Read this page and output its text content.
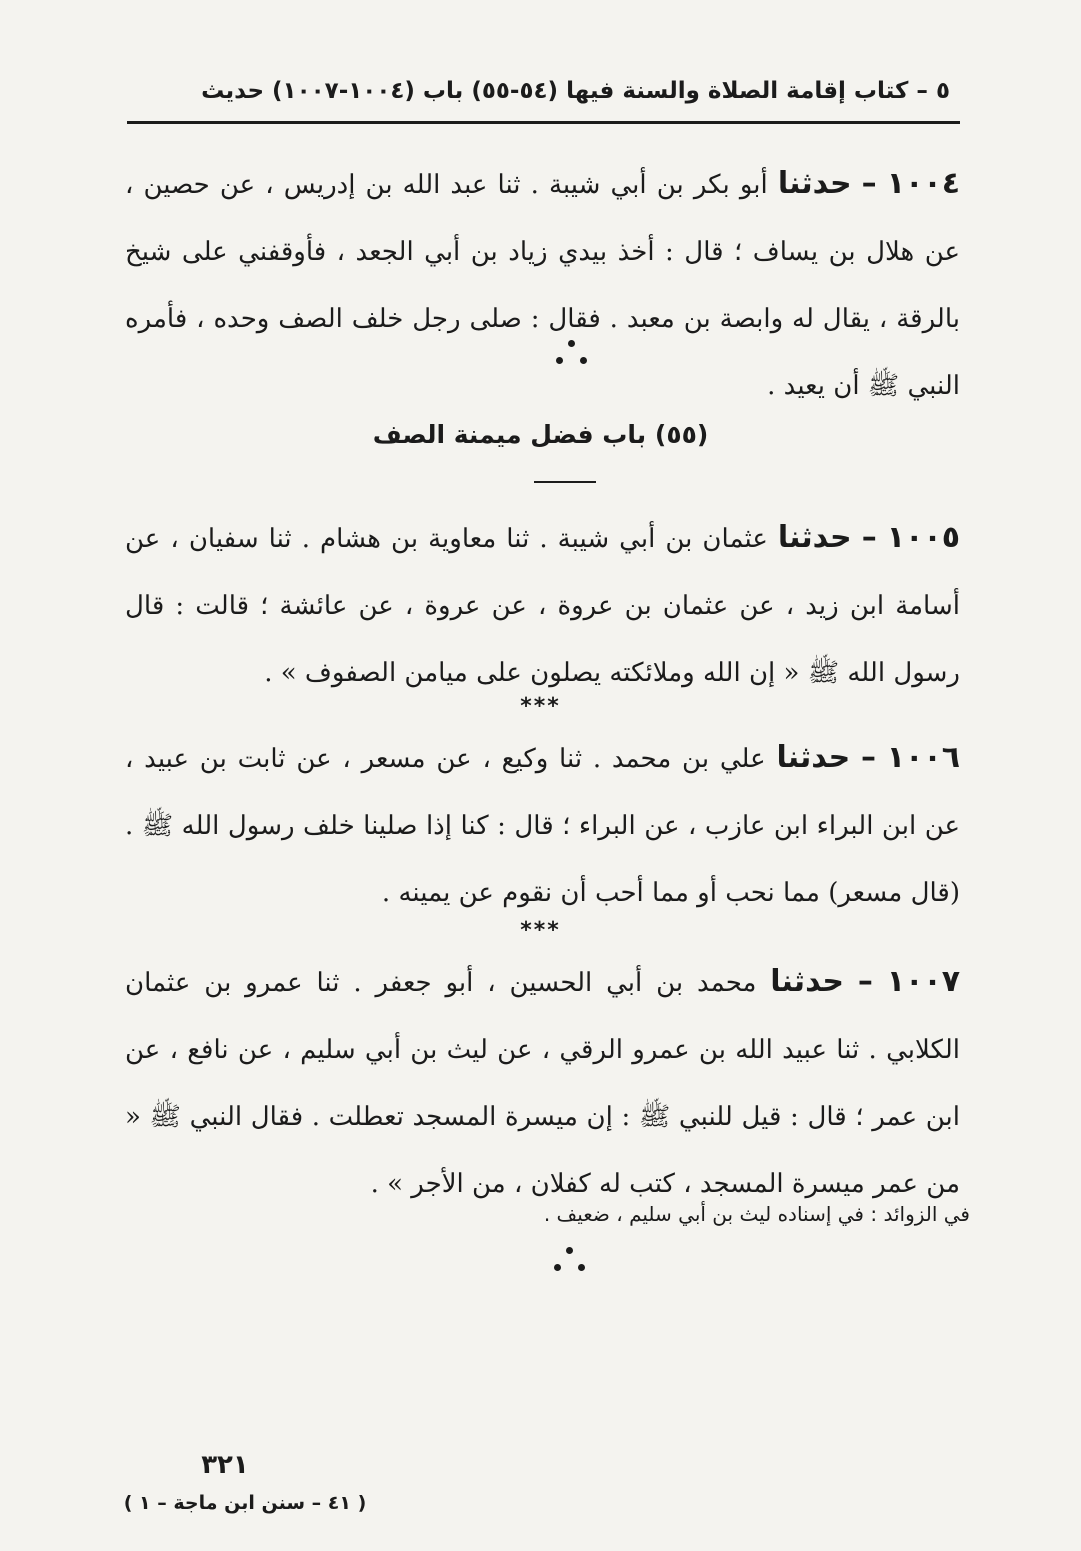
٥ – كتاب إقامة الصلاة والسنة فيها (٥٤-٥٥) باب (١٠٠٤-١٠٠٧) حديث
١٠٠٤ – حدثنا أبو بكر بن أبي شيبة . ثنا عبد الله بن إدريس ، عن حصين ، عن هلال بن يساف ؛ قال : أخذ بيدي زياد بن أبي الجعد ، فأوقفني على شيخ بالرقة ، يقال له وابصة بن معبد . فقال : صلى رجل خلف الصف وحده ، فأمره النبي ﷺ أن يعيد .
(٥٥) باب فضل ميمنة الصف
١٠٠٥ – حدثنا عثمان بن أبي شيبة . ثنا معاوية بن هشام . ثنا سفيان ، عن أسامة ابن زيد ، عن عثمان بن عروة ، عن عروة ، عن عائشة ؛ قالت : قال رسول الله ﷺ « إن الله وملائكته يصلون على ميامن الصفوف » .
***
١٠٠٦ – حدثنا علي بن محمد . ثنا وكيع ، عن مسعر ، عن ثابت بن عبيد ، عن ابن البراء ابن عازب ، عن البراء ؛ قال : كنا إذا صلينا خلف رسول الله ﷺ . (قال مسعر) مما نحب أو مما أحب أن نقوم عن يمينه .
***
١٠٠٧ – حدثنا محمد بن أبي الحسين ، أبو جعفر . ثنا عمرو بن عثمان الكلابي . ثنا عبيد الله بن عمرو الرقي ، عن ليث بن أبي سليم ، عن نافع ، عن ابن عمر ؛ قال : قيل للنبي ﷺ : إن ميسرة المسجد تعطلت . فقال النبي ﷺ « من عمر ميسرة المسجد ، كتب له كفلان ، من الأجر » .
في الزوائد : في إسناده ليث بن أبي سليم ، ضعيف .
٣٢١
( ٤١ – سنن ابن ماجة – ١ )
